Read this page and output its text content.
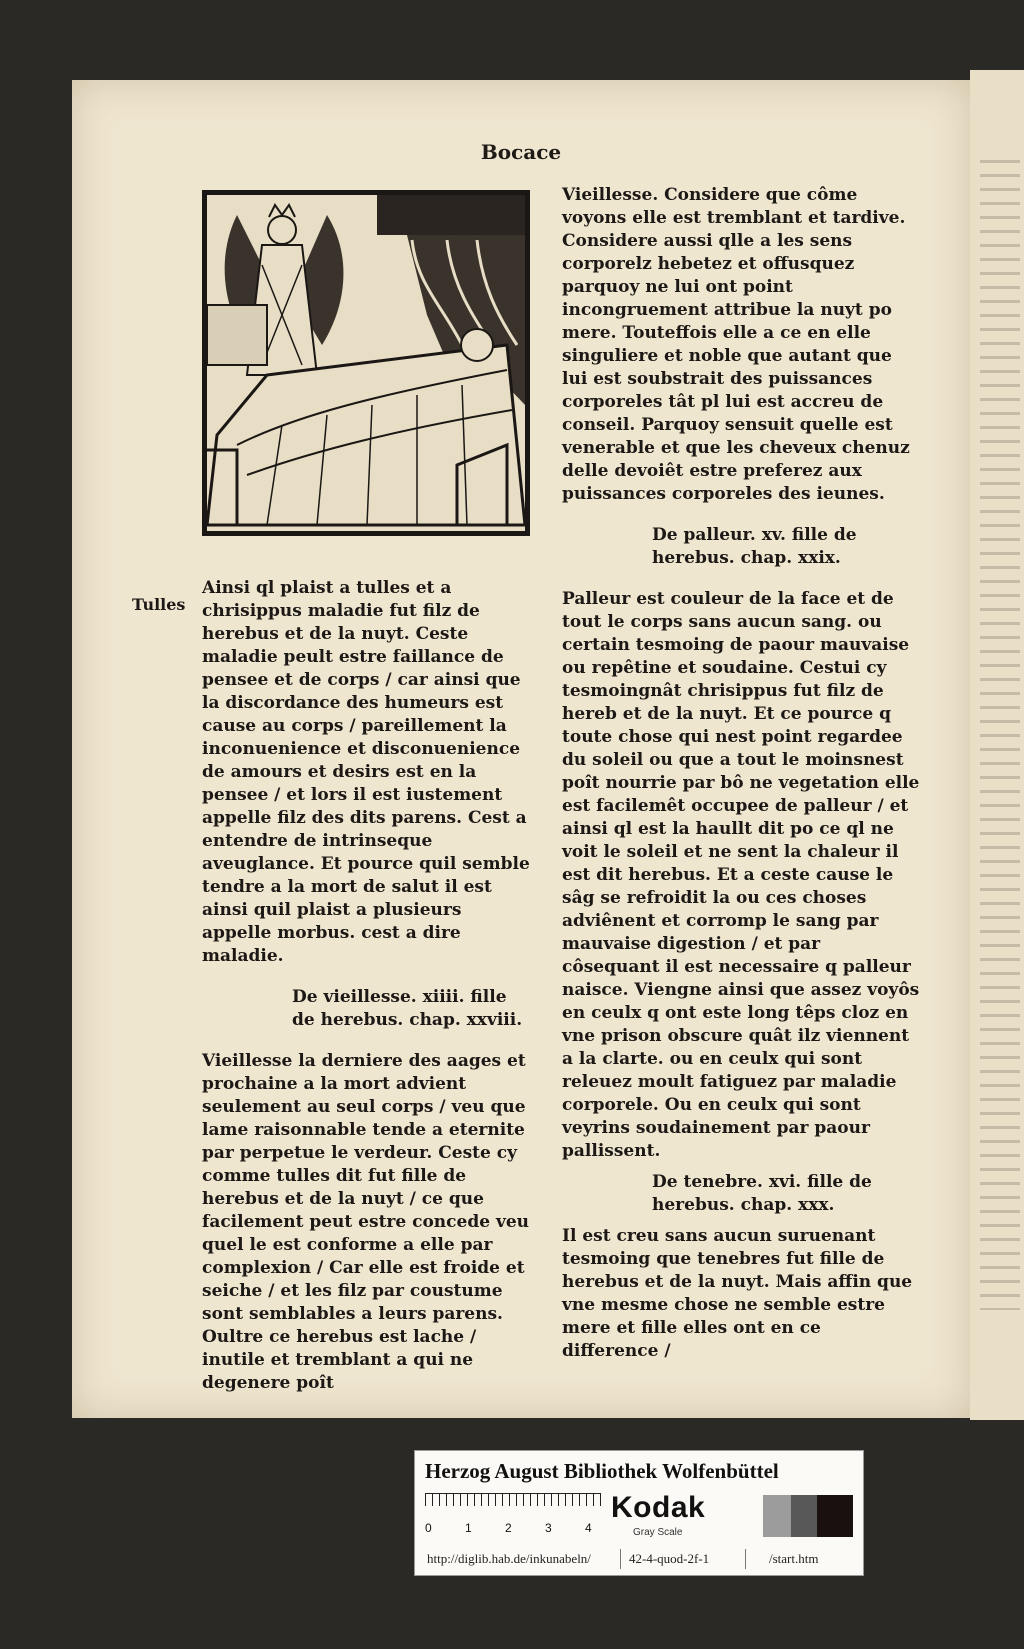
Bocace

Vieillesse. Considere que côme voyons elle est tremblant et tardive. Considere aussi qlle a les sens corporelz hebetez et offusquez parquoy ne lui ont point incongruement attribue la nuyt po mere. Touteffois elle a ce en elle singuliere et noble que autant que lui est soubstrait des puissances corporeles tât pl lui est accreu de conseil. Parquoy sensuit quelle est venerable et que les cheveux chenuz delle devoiêt estre preferez aux puissances corporeles des ieunes.

De palleur. xv. fille de herebus. chap. xxix.

Palleur est couleur de la face et de tout le corps sans aucun sang. ou certain tesmoing de paour mauvaise ou repêtine et soudaine. Cestui cy tesmoingnât chrisippus fut filz de hereb et de la nuyt. Et ce pource q toute chose qui nest point regardee du soleil ou que a tout le moinsnest poît nourrie par bô ne vegetation elle est facilemêt occupee de palleur / et ainsi ql est la haullt dit po ce ql ne voit le soleil et ne sent la chaleur il est dit herebus. Et a ceste cause le sâg se refroidit la ou ces choses adviênent et corromp le sang par mauvaise digestion / et par côsequant il est necessaire q palleur naisce. Viengne ainsi que assez voyôs en ceulx q ont este long têps cloz en vne prison obscure quât ilz viennent a la clarte. ou en ceulx qui sont releuez moult fatiguez par maladie corporele. Ou en ceulx qui sont veyrins soudainement par paour pallissent.

De tenebre. xvi. fille de herebus. chap. xxx.

Il est creu sans aucun suruenant tesmoing que tenebres fut fille de herebus et de la nuyt. Mais affin que vne mesme chose ne semble estre mere et fille elles ont en ce difference /

Tulles

Ainsi ql plaist a tulles et a chrisippus maladie fut filz de herebus et de la nuyt. Ceste maladie peult estre faillance de pensee et de corps / car ainsi que la discordance des humeurs est cause au corps / pareillement la inconuenience et disconuenience de amours et desirs est en la pensee / et lors il est iustement appelle filz des dits parens. Cest a entendre de intrinseque aveuglance. Et pource quil semble tendre a la mort de salut il est ainsi quil plaist a plusieurs appelle morbus. cest a dire maladie.

De vieillesse. xiiii. fille de herebus. chap. xxviii.

Vieillesse la derniere des aages et prochaine a la mort advient seulement au seul corps / veu que lame raisonnable tende a eternite par perpetue le verdeur. Ceste cy comme tulles dit fut fille de herebus et de la nuyt / ce que facilement peut estre concede veu quel le est conforme a elle par complexion / Car elle est froide et seiche / et les filz par coustume sont semblables a leurs parens. Oultre ce herebus est lache / inutile et tremblant a qui ne degenere poît

Herzog August Bibliothek Wolfenbüttel
0	1	2	3	4
Kodak
Gray Scale
http://diglib.hab.de/inkunabeln/	42-4-quod-2f-1	/start.htm
